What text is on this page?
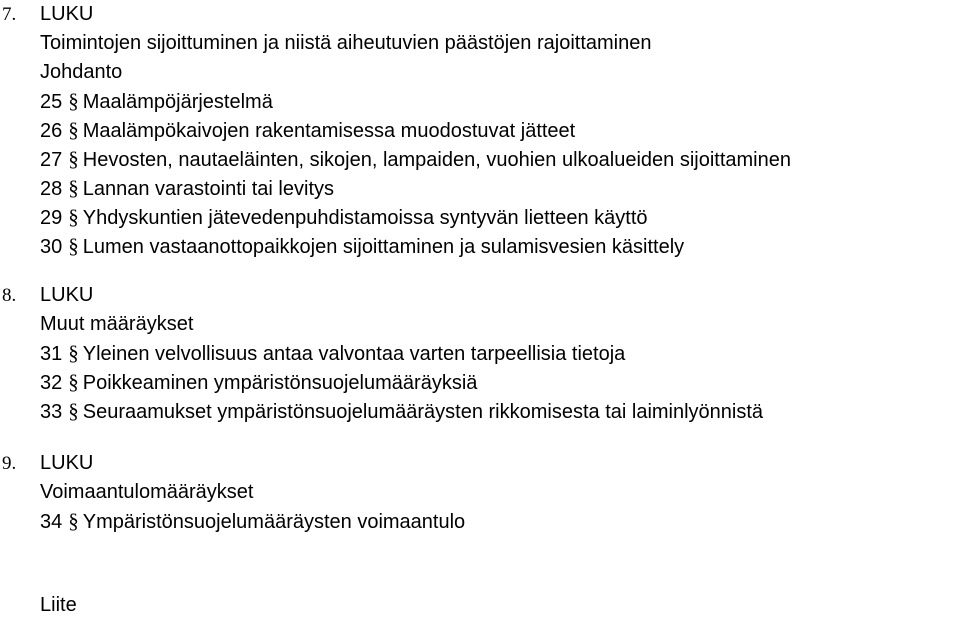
7. LUKU
Toimintojen sijoittuminen ja niistä aiheutuvien päästöjen rajoittaminen
Johdanto
25 § Maalämpöjärjestelmä
26 § Maalämpökaivojen rakentamisessa muodostuvat jätteet
27 § Hevosten, nautaeläinten, sikojen, lampaiden, vuohien ulkoalueiden sijoittaminen
28 § Lannan varastointi tai levitys
29 § Yhdyskuntien jätevedenpuhdistamoissa syntyvän lietteen käyttö
30 § Lumen vastaanottopaikkojen sijoittaminen ja sulamisvesien käsittely
8. LUKU
Muut määräykset
31 § Yleinen velvollisuus antaa valvontaa varten tarpeellisia tietoja
32 § Poikkeaminen ympäristönsuojelumääräyksiä
33 § Seuraamukset ympäristönsuojelumääräysten rikkomisesta tai laiminlyönnistä
9. LUKU
Voimaantulomääräykset
34 § Ympäristönsuojelumääräysten voimaantulo
Liite
